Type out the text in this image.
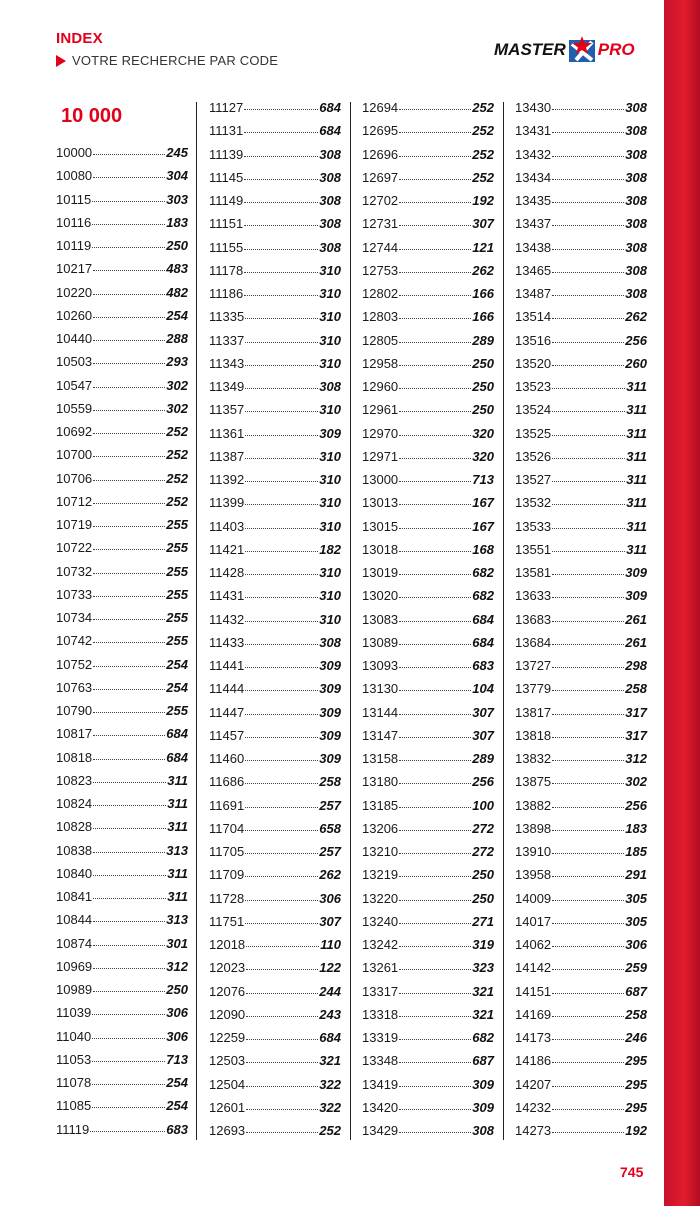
INDEX
VOTRE RECHERCHE PAR CODE
MASTER PRO
10 000
10000	245
10080	304
10115	303
10116	183
10119	250
10217	483
10220	482
10260	254
10440	288
10503	293
10547	302
10559	302
10692	252
10700	252
10706	252
10712	252
10719	255
10722	255
10732	255
10733	255
10734	255
10742	255
10752	254
10763	254
10790	255
10817	684
10818	684
10823	311
10824	311
10828	311
10838	313
10840	311
10841	311
10844	313
10874	301
10969	312
10989	250
11039	306
11040	306
11053	713
11078	254
11085	254
11119	683
11127	684
11131	684
11139	308
11145	308
11149	308
11151	308
11155	308
11178	310
11186	310
11335	310
11337	310
11343	310
11349	308
11357	310
11361	309
11387	310
11392	310
11399	310
11403	310
11421	182
11428	310
11431	310
11432	310
11433	308
11441	309
11444	309
11447	309
11457	309
11460	309
11686	258
11691	257
11704	658
11705	257
11709	262
11728	306
11751	307
12018	110
12023	122
12076	244
12090	243
12259	684
12503	321
12504	322
12601	322
12693	252
12694	252
12695	252
12696	252
12697	252
12702	192
12731	307
12744	121
12753	262
12802	166
12803	166
12805	289
12958	250
12960	250
12961	250
12970	320
12971	320
13000	713
13013	167
13015	167
13018	168
13019	682
13020	682
13083	684
13089	684
13093	683
13130	104
13144	307
13147	307
13158	289
13180	256
13185	100
13206	272
13210	272
13219	250
13220	250
13240	271
13242	319
13261	323
13317	321
13318	321
13319	682
13348	687
13419	309
13420	309
13429	308
13430	308
13431	308
13432	308
13434	308
13435	308
13437	308
13438	308
13465	308
13487	308
13514	262
13516	256
13520	260
13523	311
13524	311
13525	311
13526	311
13527	311
13532	311
13533	311
13551	311
13581	309
13633	309
13683	261
13684	261
13727	298
13779	258
13817	317
13818	317
13832	312
13875	302
13882	256
13898	183
13910	185
13958	291
14009	305
14017	305
14062	306
14142	259
14151	687
14169	258
14173	246
14186	295
14207	295
14232	295
14273	192
745
